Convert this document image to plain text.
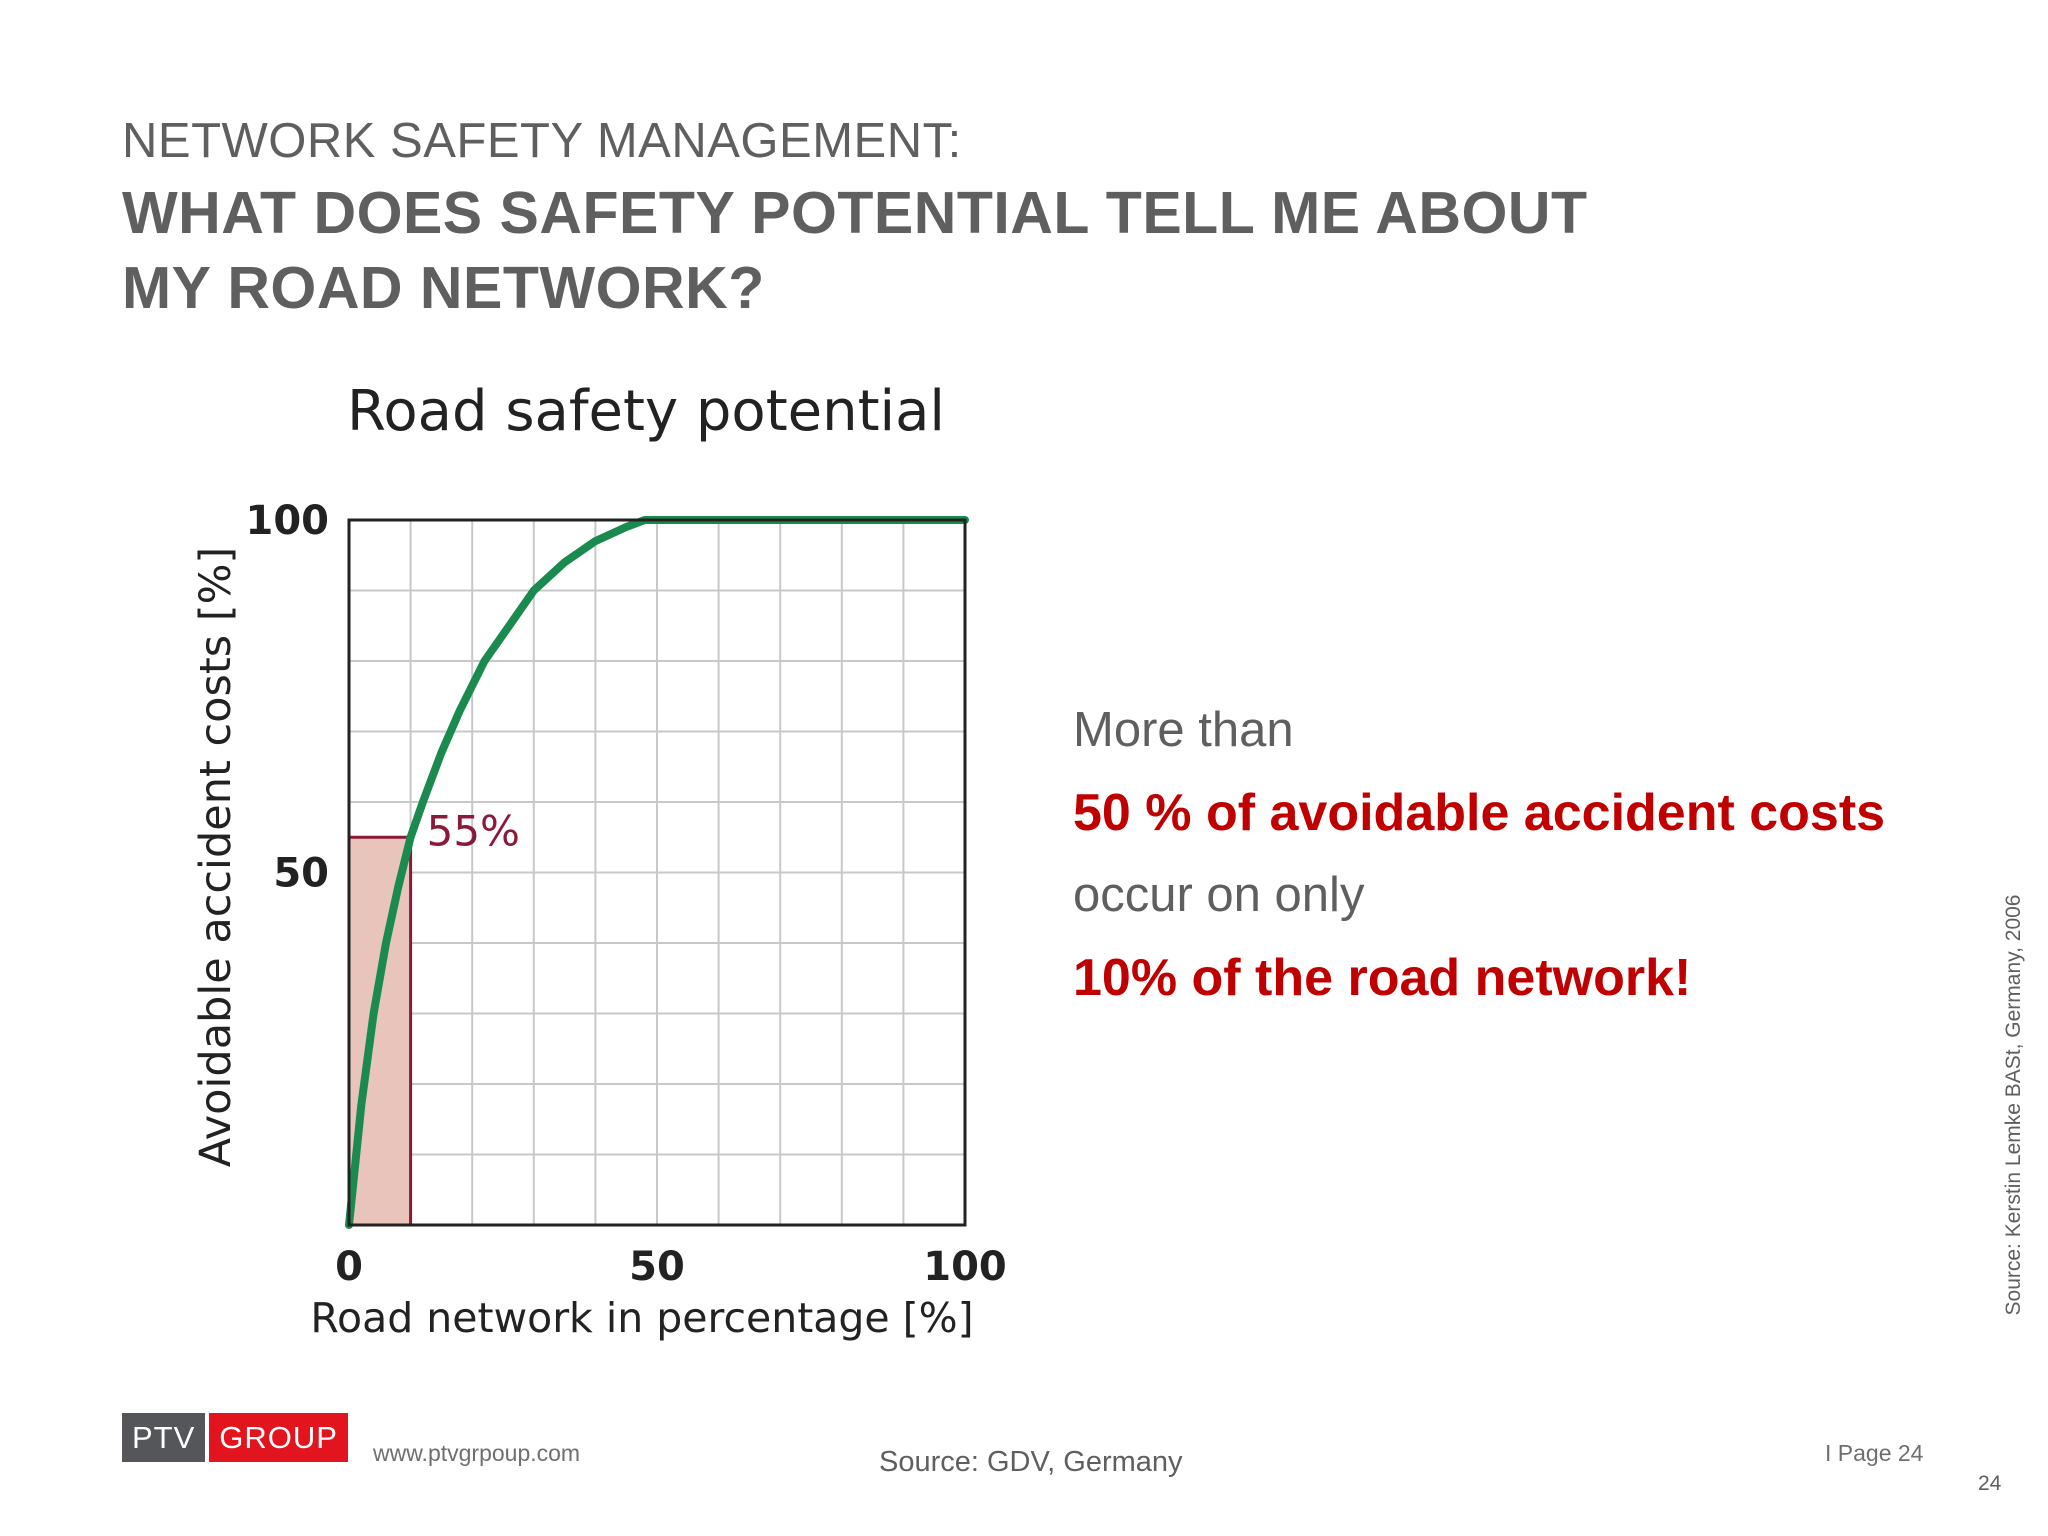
NETWORK SAFETY MANAGEMENT:
WHAT DOES SAFETY POTENTIAL TELL ME ABOUT
MY ROAD NETWORK?
Road safety potential
55%
0	50	100
50
100
Road network in percentage [%]
Avoidable accident costs [%]	More than
50 % of avoidable accident costs
occur on only
10% of the road network!	Source: Kerstin Lemke BASt, Germany, 2006
PTV GROUP	www.ptvgrpoup.com	Source: GDV, Germany	I Page 24
24
